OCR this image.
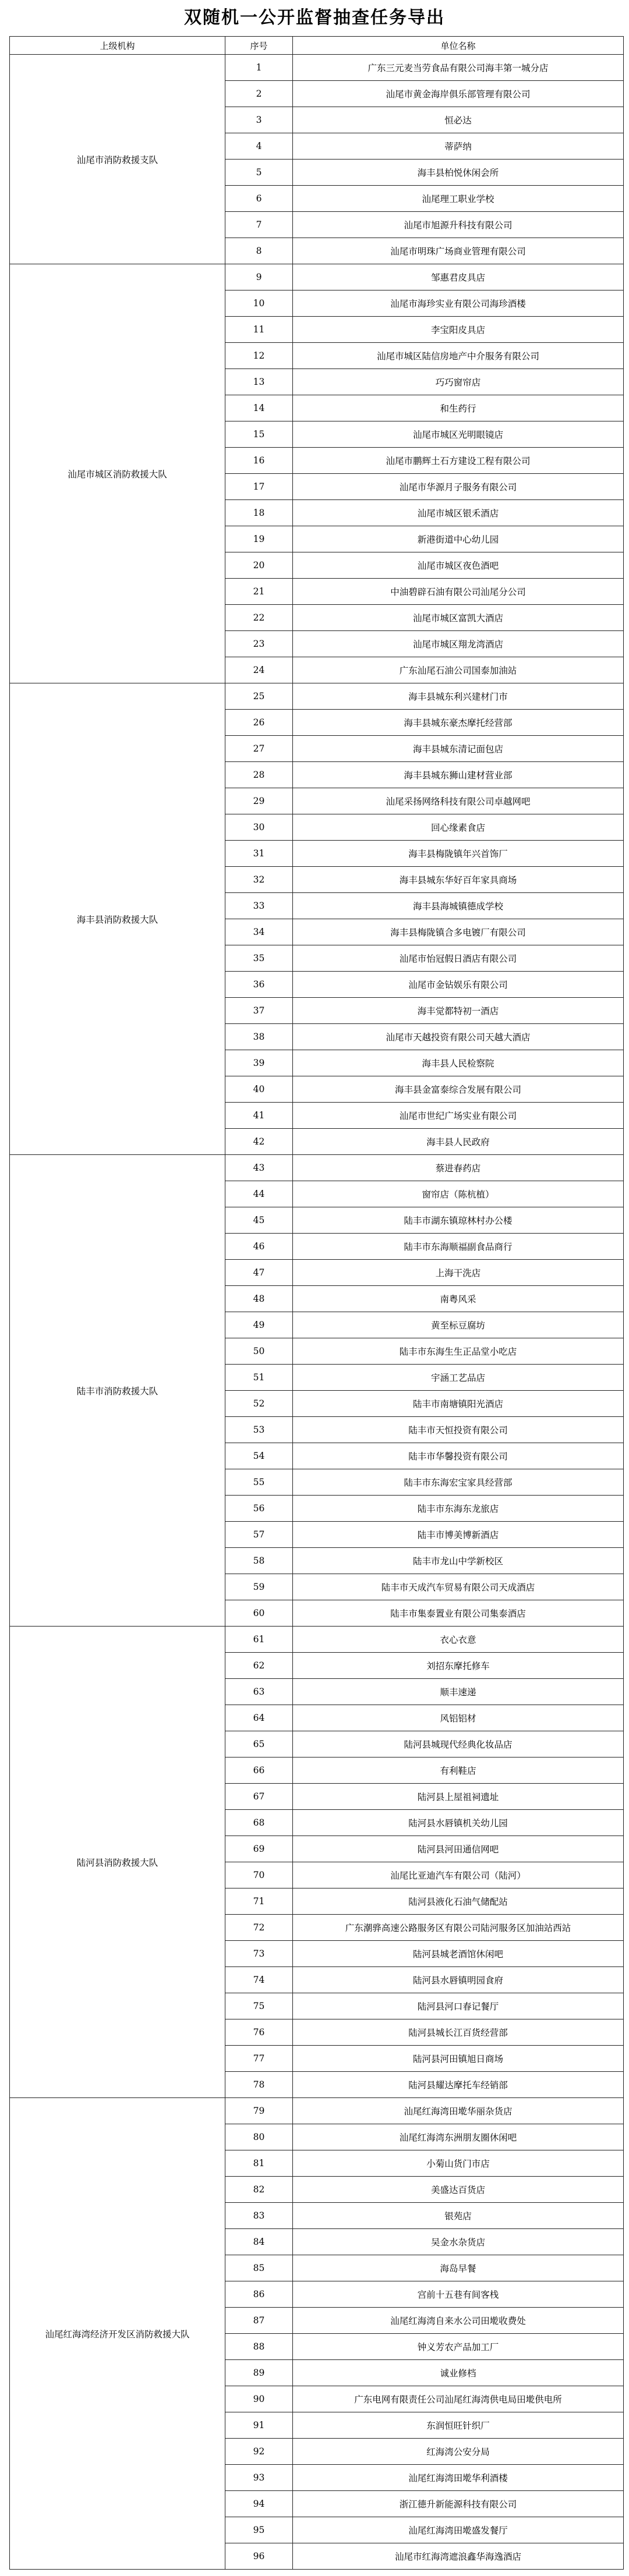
双随机一公开监督抽查任务导出
上级机构	序号	单位名称
汕尾市消防救援支队	1	广东三元麦当劳食品有限公司海丰第一城分店
	2	汕尾市黄金海岸俱乐部管理有限公司
	3	恒必达
	4	蒂萨纳
	5	海丰县柏悦休闲会所
	6	汕尾理工职业学校
	7	汕尾市旭源升科技有限公司
	8	汕尾市明珠广场商业管理有限公司
汕尾市城区消防救援大队	9	邹惠君皮具店
	10	汕尾市海珍实业有限公司海珍酒楼
	11	李宝阳皮具店
	12	汕尾市城区陆信房地产中介服务有限公司
	13	巧巧窗帘店
	14	和生药行
	15	汕尾市城区光明眼镜店
	16	汕尾市鹏辉土石方建设工程有限公司
	17	汕尾市华源月子服务有限公司
	18	汕尾市城区银禾酒店
	19	新港街道中心幼儿园
	20	汕尾市城区夜色酒吧
	21	中油碧辟石油有限公司汕尾分公司
	22	汕尾市城区富凯大酒店
	23	汕尾市城区翔龙湾酒店
	24	广东汕尾石油公司国泰加油站
海丰县消防救援大队	25	海丰县城东利兴建材门市
	26	海丰县城东豪杰摩托经营部
	27	海丰县城东清记面包店
	28	海丰县城东狮山建材营业部
	29	汕尾采扬网络科技有限公司卓越网吧
	30	回心缘素食店
	31	海丰县梅陇镇年兴首饰厂
	32	海丰县城东华好百年家具商场
	33	海丰县海城镇德成学校
	34	海丰县梅陇镇合多电镀厂有限公司
	35	汕尾市怡冠假日酒店有限公司
	36	汕尾市金钻娱乐有限公司
	37	海丰觉都特初一酒店
	38	汕尾市天越投资有限公司天越大酒店
	39	海丰县人民检察院
	40	海丰县金富泰综合发展有限公司
	41	汕尾市世纪广场实业有限公司
	42	海丰县人民政府
陆丰市消防救援大队	43	蔡进春药店
	44	窗帘店（陈杭植）
	45	陆丰市湖东镇琼林村办公楼
	46	陆丰市东海顺福副食品商行
	47	上海干洗店
	48	南粤风采
	49	黄至标豆腐坊
	50	陆丰市东海生生正品堂小吃店
	51	宇涵工艺品店
	52	陆丰市南塘镇阳光酒店
	53	陆丰市天恒投资有限公司
	54	陆丰市华馨投资有限公司
	55	陆丰市东海宏宝家具经营部
	56	陆丰市东海东龙旅店
	57	陆丰市博美博新酒店
	58	陆丰市龙山中学新校区
	59	陆丰市天成汽车贸易有限公司天成酒店
	60	陆丰市集泰置业有限公司集泰酒店
陆河县消防救援大队	61	衣心衣意
	62	刘招东摩托修车
	63	顺丰速递
	64	风铝铝材
	65	陆河县城现代经典化妆品店
	66	有利鞋店
	67	陆河县上屋祖祠遗址
	68	陆河县水唇镇机关幼儿园
	69	陆河县河田通信网吧
	70	汕尾比亚迪汽车有限公司（陆河）
	71	陆河县液化石油气储配站
	72	广东潮骅高速公路服务区有限公司陆河服务区加油站西站
	73	陆河县城老酒馆休闲吧
	74	陆河县水唇镇明园食府
	75	陆河县河口春记餐厅
	76	陆河县城长江百货经营部
	77	陆河县河田镇旭日商场
	78	陆河县耀达摩托车经销部
汕尾红海湾经济开发区消防救援大队	79	汕尾红海湾田墘华丽杂货店
	80	汕尾红海湾东洲朋友圈休闲吧
	81	小菊山货门市店
	82	美盛达百货店
	83	银苑店
	84	吴金水杂货店
	85	海岛早餐
	86	宫前十五巷有间客栈
	87	汕尾红海湾自来水公司田墘收费处
	88	钟义芳农产品加工厂
	89	诚业修档
	90	广东电网有限责任公司汕尾红海湾供电局田墘供电所
	91	东润恒旺针织厂
	92	红海湾公安分局
	93	汕尾红海湾田墘华利酒楼
	94	浙江德升新能源科技有限公司
	95	汕尾红海湾田墘盛发餐厅
	96	汕尾市红海湾遮浪鑫华海逸酒店
